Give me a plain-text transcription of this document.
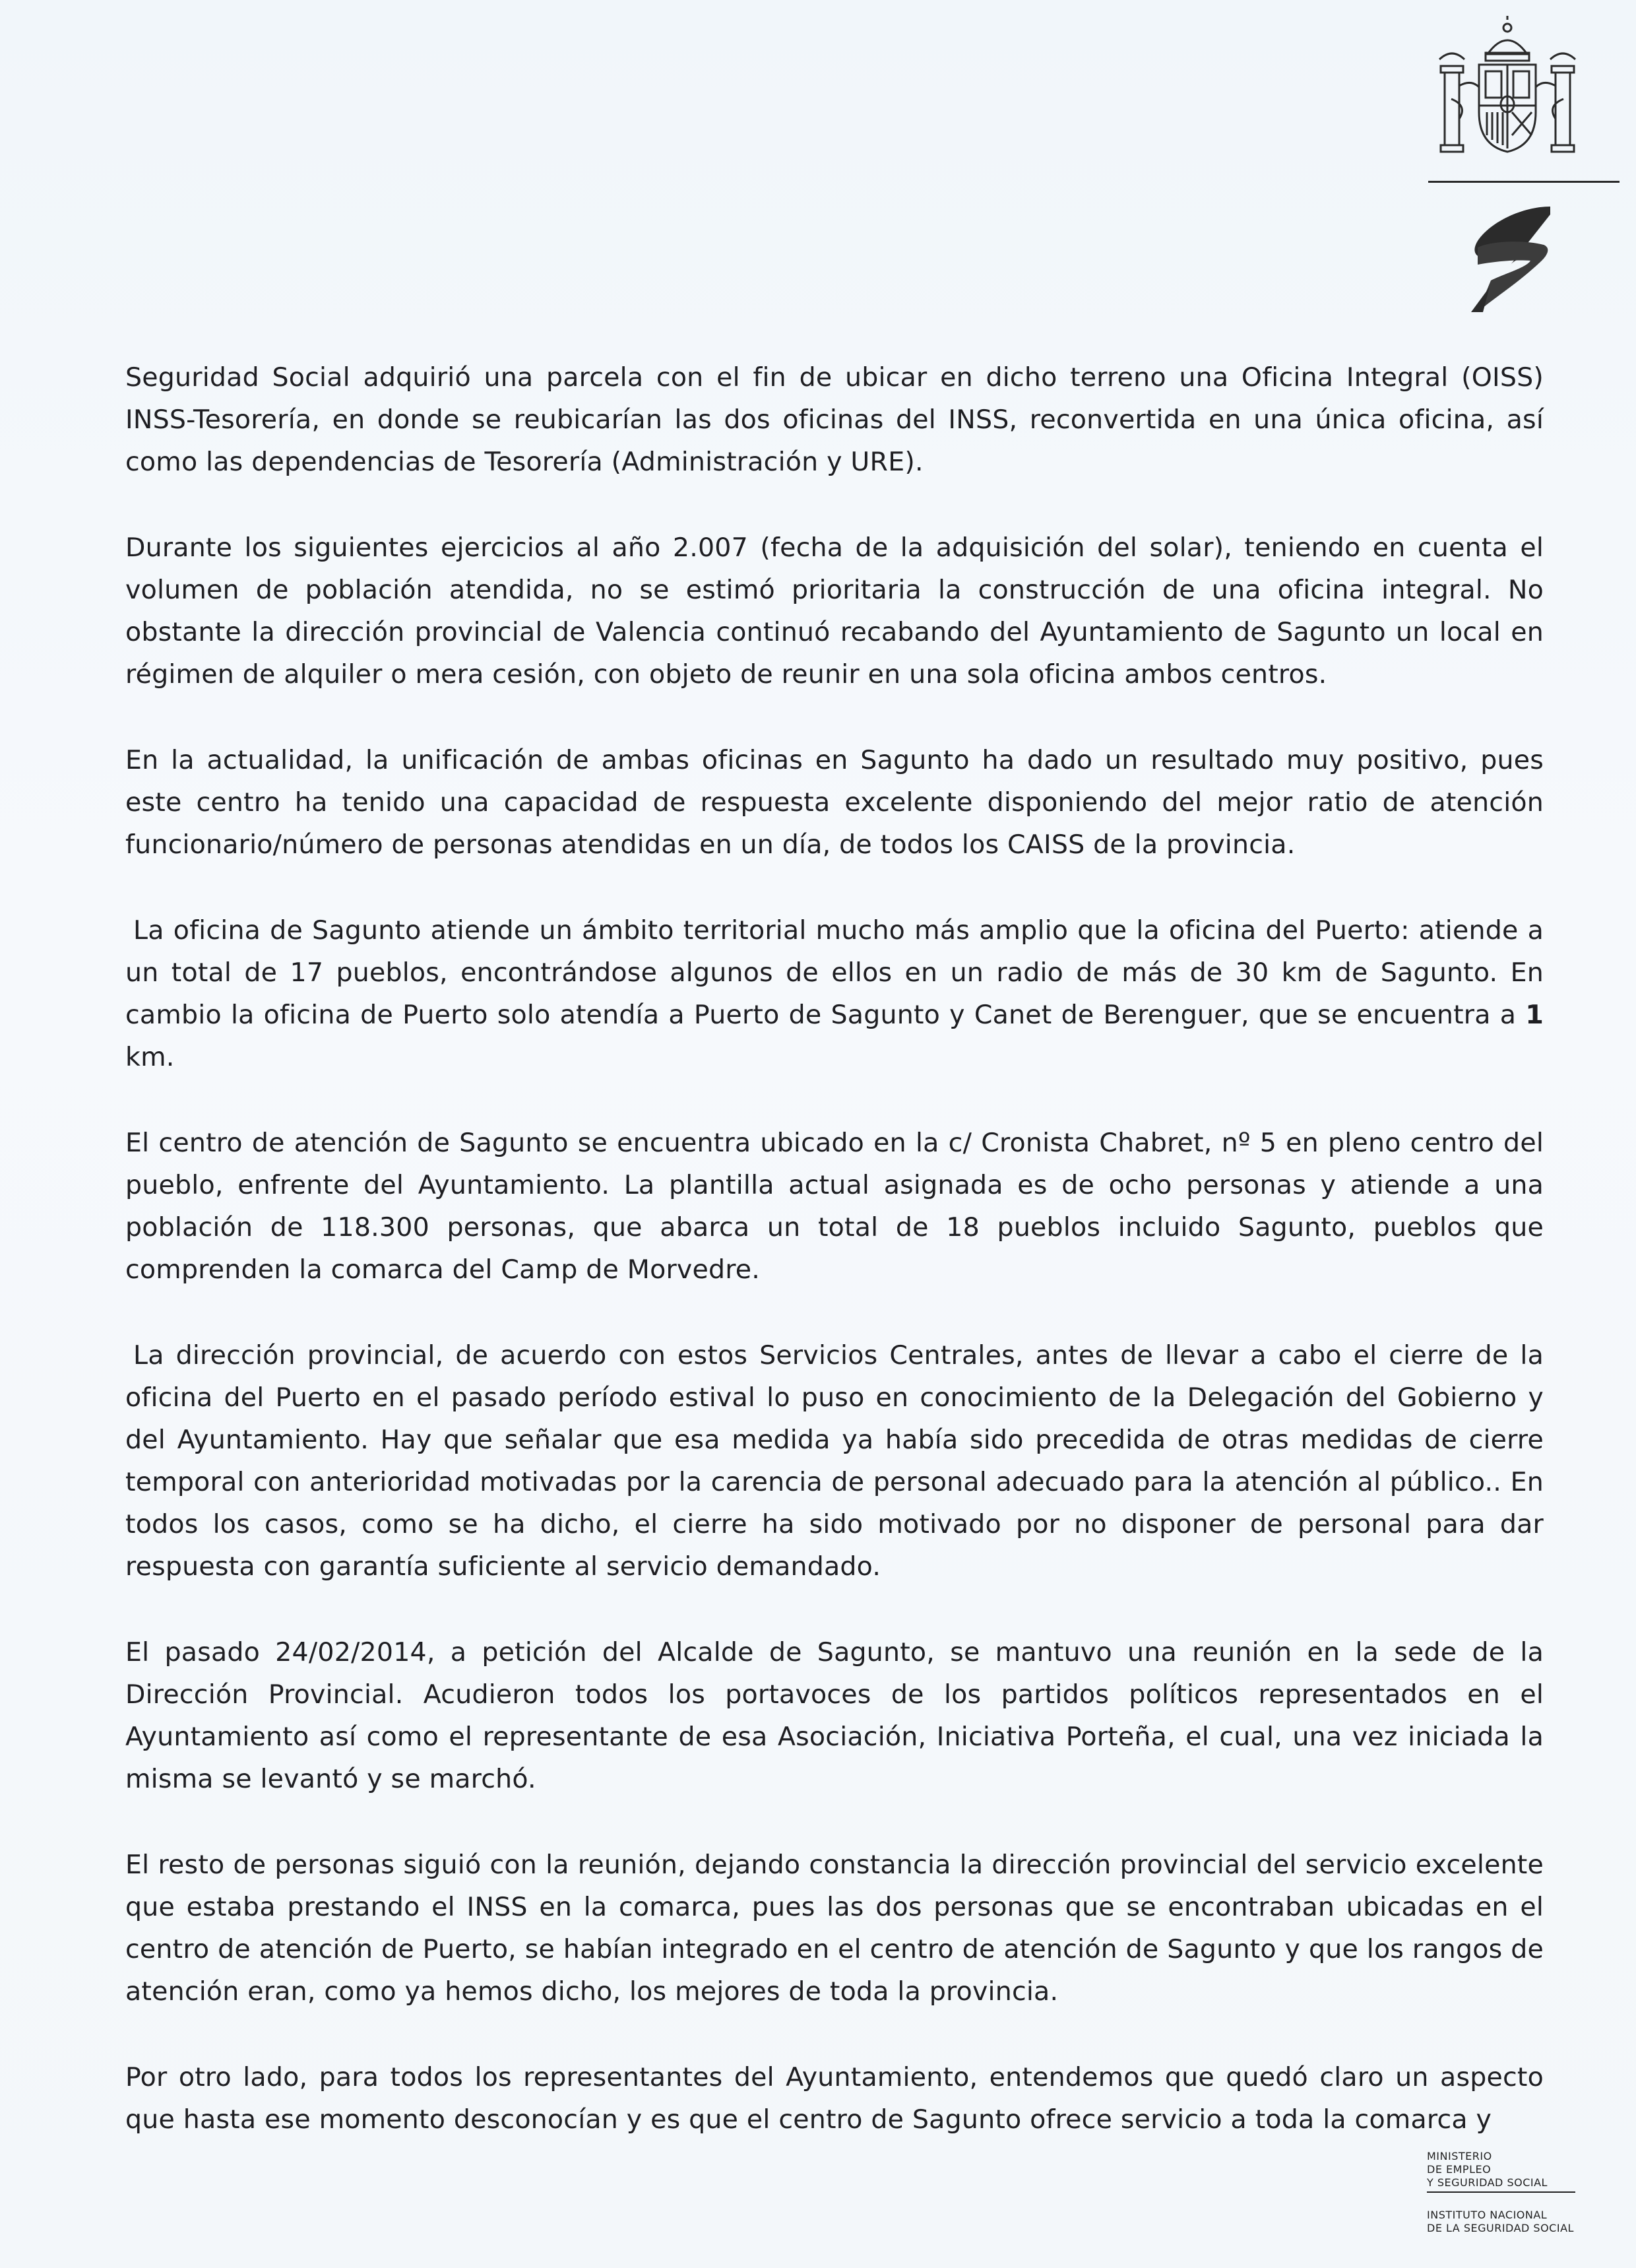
Seguridad Social adquirió una parcela con el fin de ubicar en dicho terreno una Oficina Integral (OISS) INSS-Tesorería, en donde se reubicarían las dos oficinas del INSS, reconvertida en una única oficina, así como las dependencias de Tesorería (Administración y URE).

Durante los siguientes ejercicios al año 2.007 (fecha de la adquisición del solar), teniendo en cuenta el volumen de población atendida, no se estimó prioritaria la construcción de una oficina integral. No obstante la dirección provincial de Valencia continuó recabando del Ayuntamiento de Sagunto un local en régimen de alquiler o mera cesión, con objeto de reunir en una sola oficina ambos centros.

En la actualidad, la unificación de ambas oficinas en Sagunto ha dado un resultado muy positivo, pues este centro ha tenido una capacidad de respuesta excelente disponiendo del mejor ratio de atención funcionario/número de personas atendidas en un día, de todos los CAISS de la provincia.

La oficina de Sagunto atiende un ámbito territorial mucho más amplio que la oficina del Puerto: atiende a un total de 17 pueblos, encontrándose algunos de ellos en un radio de más de 30 km de Sagunto. En cambio la oficina de Puerto solo atendía a Puerto de Sagunto y Canet de Berenguer, que se encuentra a 1 km.

El centro de atención de Sagunto se encuentra ubicado en la c/ Cronista Chabret, nº 5 en pleno centro del pueblo, enfrente del Ayuntamiento. La plantilla actual asignada es de ocho personas y atiende a una población de 118.300 personas, que abarca un total de 18 pueblos incluido Sagunto, pueblos que comprenden la comarca del Camp de Morvedre.

La dirección provincial, de acuerdo con estos Servicios Centrales, antes de llevar a cabo el cierre de la oficina del Puerto en el pasado período estival lo puso en conocimiento de la Delegación del Gobierno y del Ayuntamiento. Hay que señalar que esa medida ya había sido precedida de otras medidas de cierre temporal con anterioridad motivadas por la carencia de personal adecuado para la atención al público.. En todos los casos, como se ha dicho, el cierre ha sido motivado por no disponer de personal para dar respuesta con garantía suficiente al servicio demandado.

El pasado 24/02/2014, a petición del Alcalde de Sagunto, se mantuvo una reunión en la sede de la Dirección Provincial. Acudieron todos los portavoces de los partidos políticos representados en el Ayuntamiento así como el representante de esa Asociación, Iniciativa Porteña, el cual, una vez iniciada la misma se levantó y se marchó.

El resto de personas siguió con la reunión, dejando constancia la dirección provincial del servicio excelente que estaba prestando el INSS en la comarca, pues las dos personas que se encontraban ubicadas en el centro de atención de Puerto, se habían integrado en el centro de atención de Sagunto y que los rangos de atención eran, como ya hemos dicho, los mejores de toda la provincia.

Por otro lado, para todos los representantes del Ayuntamiento, entendemos que quedó claro un aspecto que hasta ese momento desconocían y es que el centro de Sagunto ofrece servicio a toda la comarca y

MINISTERIO
DE EMPLEO
Y SEGURIDAD SOCIAL
INSTITUTO NACIONAL
DE LA SEGURIDAD SOCIAL
